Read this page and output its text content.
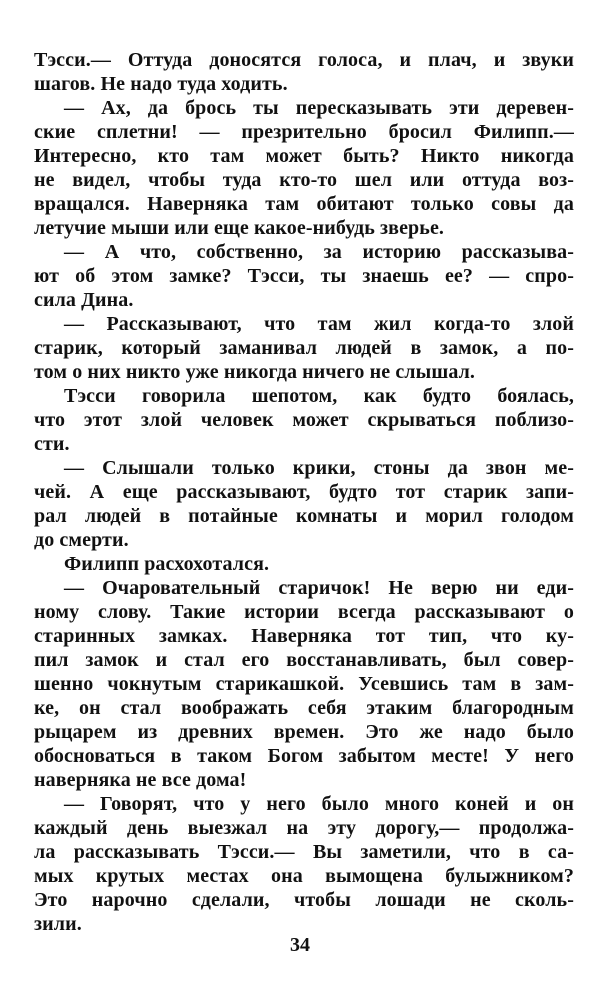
Тэсси.— Оттуда доносятся голоса, и плач, и звуки
шагов. Не надо туда ходить.
— Ах, да брось ты пересказывать эти деревен-
ские сплетни! — презрительно бросил Филипп.—
Интересно, кто там может быть? Никто никогда
не видел, чтобы туда кто-то шел или оттуда воз-
вращался. Наверняка там обитают только совы да
летучие мыши или еще какое-нибудь зверье.
— А что, собственно, за историю рассказыва-
ют об этом замке? Тэсси, ты знаешь ее? — спро-
сила Дина.
— Рассказывают, что там жил когда-то злой
старик, который заманивал людей в замок, а по-
том о них никто уже никогда ничего не слышал.
Тэсси говорила шепотом, как будто боялась,
что этот злой человек может скрываться поблизо-
сти.
— Слышали только крики, стоны да звон ме-
чей. А еще рассказывают, будто тот старик запи-
рал людей в потайные комнаты и морил голодом
до смерти.
Филипп расхохотался.
— Очаровательный старичок! Не верю ни еди-
ному слову. Такие истории всегда рассказывают о
старинных замках. Наверняка тот тип, что ку-
пил замок и стал его восстанавливать, был совер-
шенно чокнутым старикашкой. Усевшись там в зам-
ке, он стал воображать себя этаким благородным
рыцарем из древних времен. Это же надо было
обосноваться в таком Богом забытом месте! У него
наверняка не все дома!
— Говорят, что у него было много коней и он
каждый день выезжал на эту дорогу,— продолжа-
ла рассказывать Тэсси.— Вы заметили, что в са-
мых крутых местах она вымощена булыжником?
Это нарочно сделали, чтобы лошади не сколь-
зили.
34
